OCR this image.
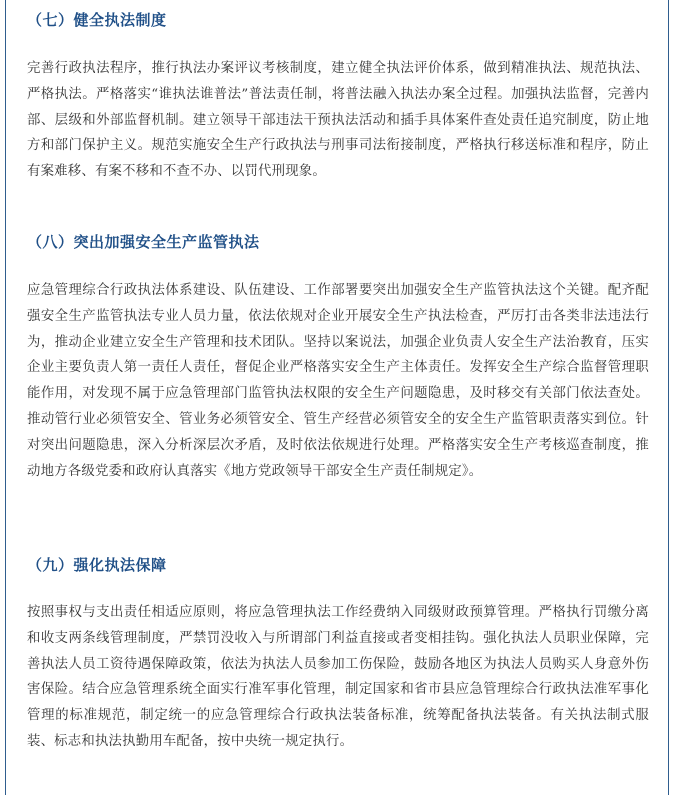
（七）健全执法制度
完善行政执法程序，推行执法办案评议考核制度，建立健全执法评价体系，做到精准执法、规范执法、严格执法。严格落实“谁执法谁普法”普法责任制，将普法融入执法办案全过程。加强执法监督，完善内部、层级和外部监督机制。建立领导干部违法干预执法活动和插手具体案件查处责任追究制度，防止地方和部门保护主义。规范实施安全生产行政执法与刑事司法衔接制度，严格执行移送标准和程序，防止有案难移、有案不移和不查不办、以罚代刑现象。
（八）突出加强安全生产监管执法
应急管理综合行政执法体系建设、队伍建设、工作部署要突出加强安全生产监管执法这个关键。配齐配强安全生产监管执法专业人员力量，依法依规对企业开展安全生产执法检查，严厉打击各类非法违法行为，推动企业建立安全生产管理和技术团队。坚持以案说法，加强企业负责人安全生产法治教育，压实企业主要负责人第一责任人责任，督促企业严格落实安全生产主体责任。发挥安全生产综合监督管理职能作用，对发现不属于应急管理部门监管执法权限的安全生产问题隐患，及时移交有关部门依法查处。推动管行业必须管安全、管业务必须管安全、管生产经营必须管安全的安全生产监管职责落实到位。针对突出问题隐患，深入分析深层次矛盾，及时依法依规进行处理。严格落实安全生产考核巡查制度，推动地方各级党委和政府认真落实《地方党政领导干部安全生产责任制规定》。
（九）强化执法保障
按照事权与支出责任相适应原则，将应急管理执法工作经费纳入同级财政预算管理。严格执行罚缴分离和收支两条线管理制度，严禁罚没收入与所谓部门利益直接或者变相挂钩。强化执法人员职业保障，完善执法人员工资待遇保障政策，依法为执法人员参加工伤保险，鼓励各地区为执法人员购买人身意外伤害保险。结合应急管理系统全面实行准军事化管理，制定国家和省市县应急管理综合行政执法准军事化管理的标准规范，制定统一的应急管理综合行政执法装备标准，统筹配备执法装备。有关执法制式服装、标志和执法执勤用车配备，按中央统一规定执行。
